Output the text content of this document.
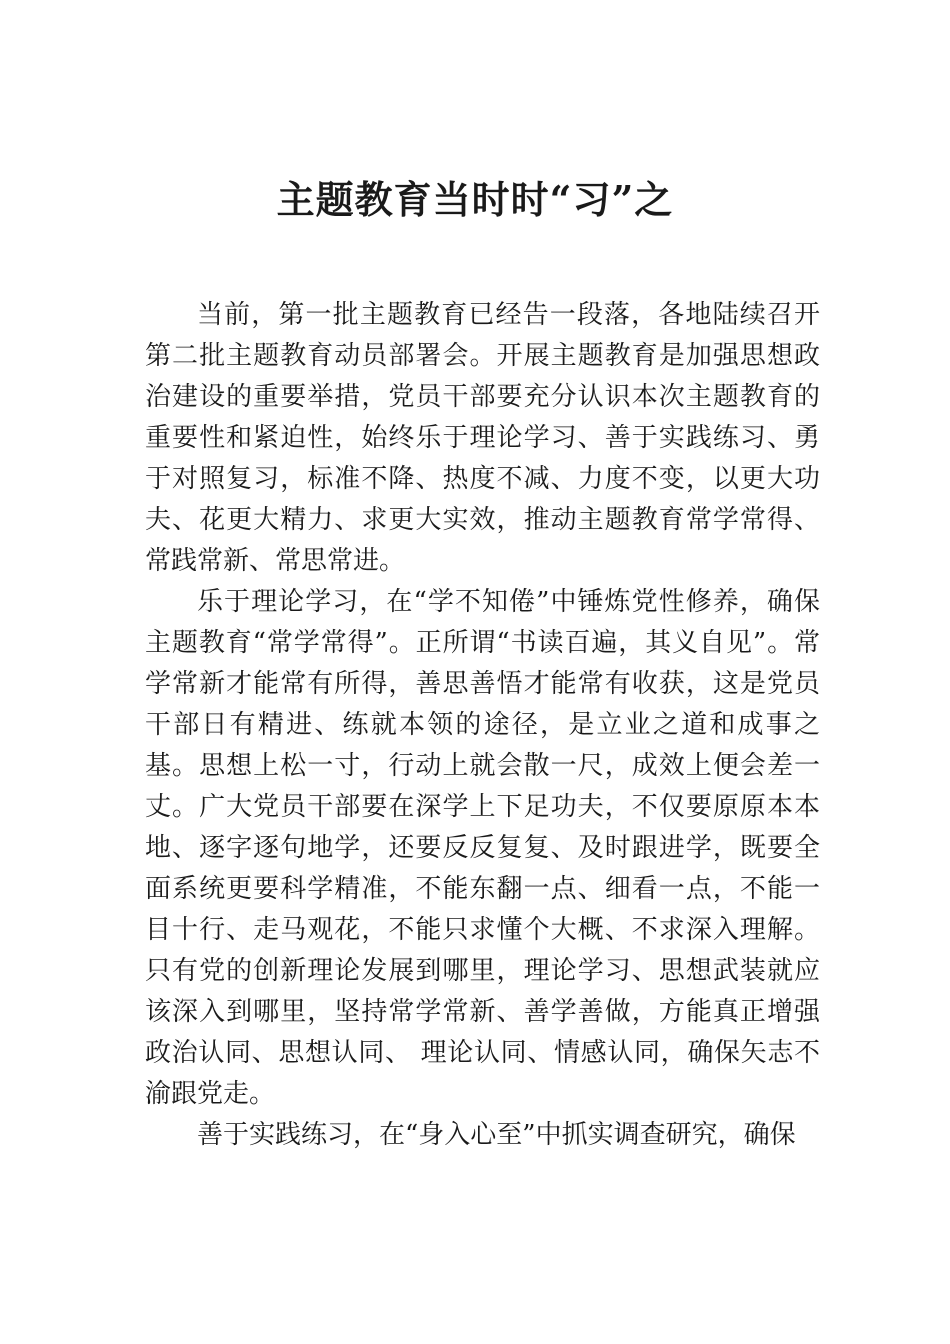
主题教育当时时“习”之

当前，第一批主题教育已经告一段落，各地陆续召开第二批主题教育动员部署会。开展主题教育是加强思想政治建设的重要举措，党员干部要充分认识本次主题教育的重要性和紧迫性，始终乐于理论学习、善于实践练习、勇于对照复习，标准不降、热度不减、力度不变，以更大功夫、花更大精力、求更大实效，推动主题教育常学常得、常践常新、常思常进。

乐于理论学习，在“学不知倦”中锤炼党性修养，确保主题教育“常学常得”。正所谓“书读百遍，其义自见”。常学常新才能常有所得，善思善悟才能常有收获，这是党员干部日有精进、练就本领的途径，是立业之道和成事之基。思想上松一寸，行动上就会散一尺，成效上便会差一丈。广大党员干部要在深学上下足功夫，不仅要原原本本地、逐字逐句地学，还要反反复复、及时跟进学，既要全面系统更要科学精准，不能东翻一点、细看一点，不能一目十行、走马观花，不能只求懂个大概、不求深入理解。只有党的创新理论发展到哪里，理论学习、思想武装就应该深入到哪里，坚持常学常新、善学善做，方能真正增强政治认同、思想认同、 理论认同、情感认同，确保矢志不渝跟党走。

善于实践练习，在“身入心至”中抓实调查研究，确保
